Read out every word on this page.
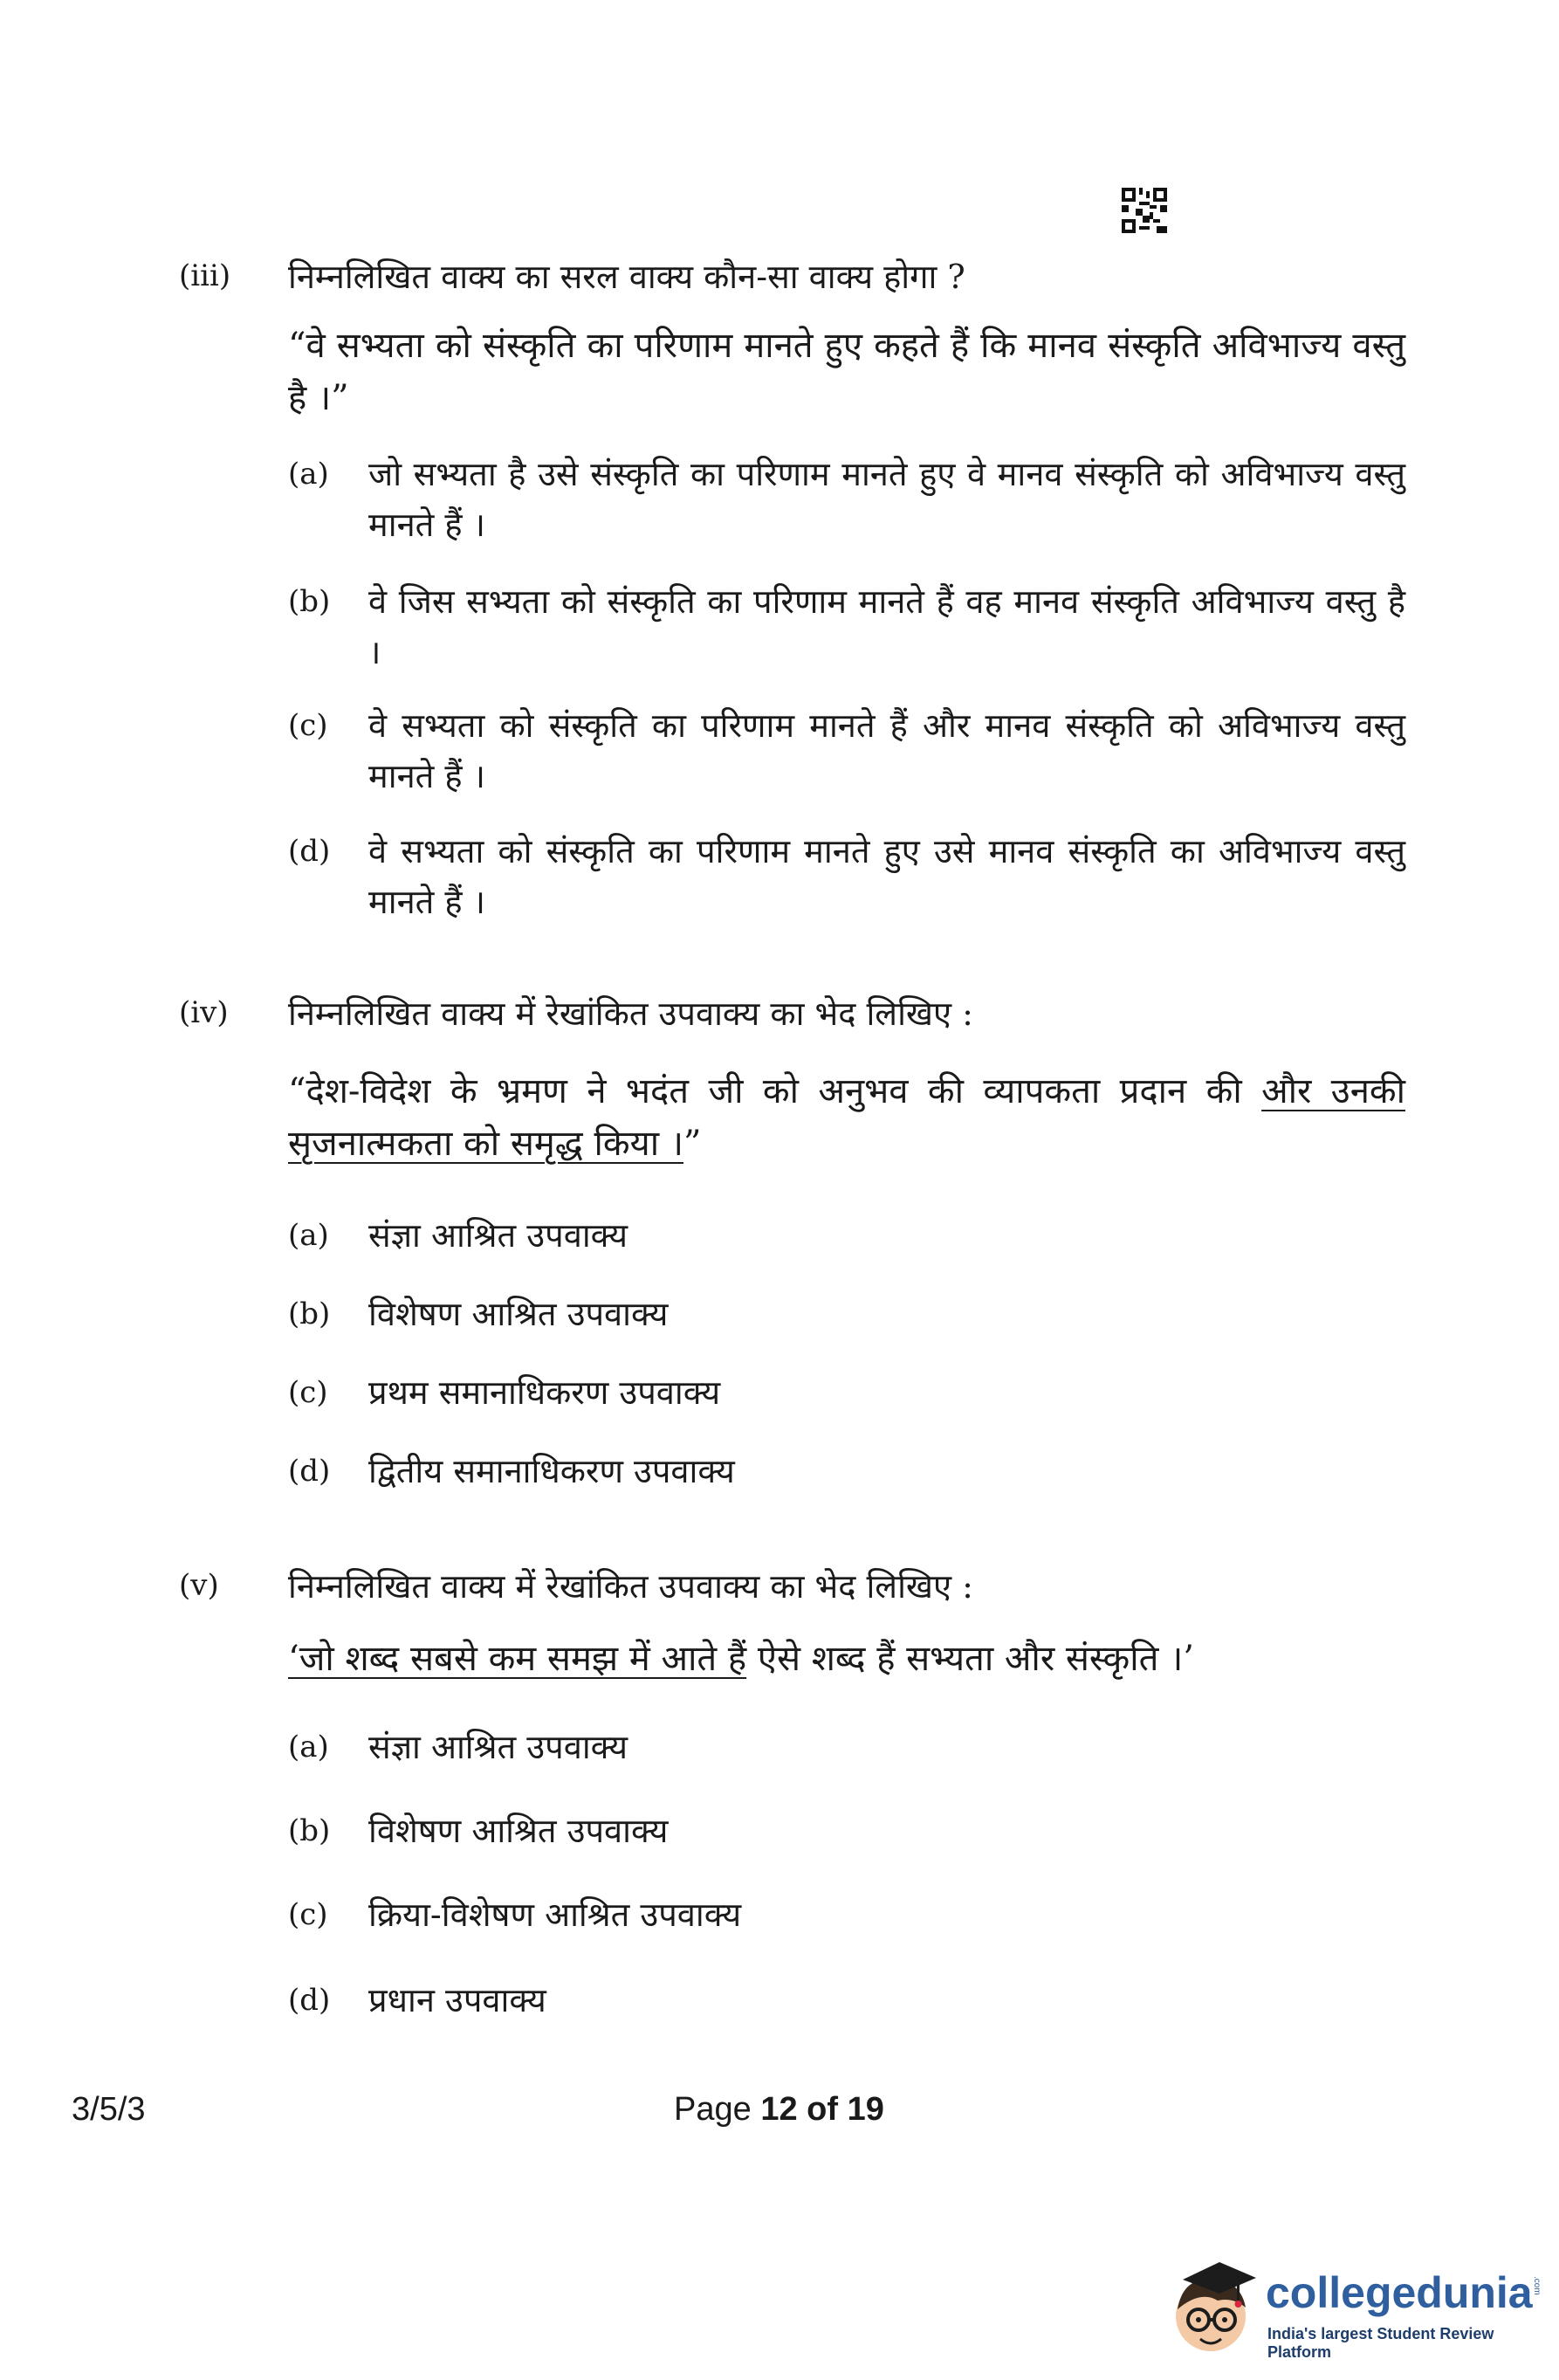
(iii) निम्नलिखित वाक्य का सरल वाक्य कौन-सा वाक्य होगा ?
“वे सभ्यता को संस्कृति का परिणाम मानते हुए कहते हैं कि मानव संस्कृति अविभाज्य वस्तु है ।”
(a) जो सभ्यता है उसे संस्कृति का परिणाम मानते हुए वे मानव संस्कृति को अविभाज्य वस्तु मानते हैं ।
(b) वे जिस सभ्यता को संस्कृति का परिणाम मानते हैं वह मानव संस्कृति अविभाज्य वस्तु है ।
(c) वे सभ्यता को संस्कृति का परिणाम मानते हैं और मानव संस्कृति को अविभाज्य वस्तु मानते हैं ।
(d) वे सभ्यता को संस्कृति का परिणाम मानते हुए उसे मानव संस्कृति का अविभाज्य वस्तु मानते हैं ।
(iv) निम्नलिखित वाक्य में रेखांकित उपवाक्य का भेद लिखिए :
“देश-विदेश के भ्रमण ने भदंत जी को अनुभव की व्यापकता प्रदान की और उनकी सृजनात्मकता को समृद्ध किया ।”
(a) संज्ञा आश्रित उपवाक्य
(b) विशेषण आश्रित उपवाक्य
(c) प्रथम समानाधिकरण उपवाक्य
(d) द्वितीय समानाधिकरण उपवाक्य
(v) निम्नलिखित वाक्य में रेखांकित उपवाक्य का भेद लिखिए :
‘जो शब्द सबसे कम समझ में आते हैं ऐसे शब्द हैं सभ्यता और संस्कृति ।’
(a) संज्ञा आश्रित उपवाक्य
(b) विशेषण आश्रित उपवाक्य
(c) क्रिया-विशेषण आश्रित उपवाक्य
(d) प्रधान उपवाक्य
3/5/3	Page 12 of 19
collegedunia .com
India's largest Student Review Platform
